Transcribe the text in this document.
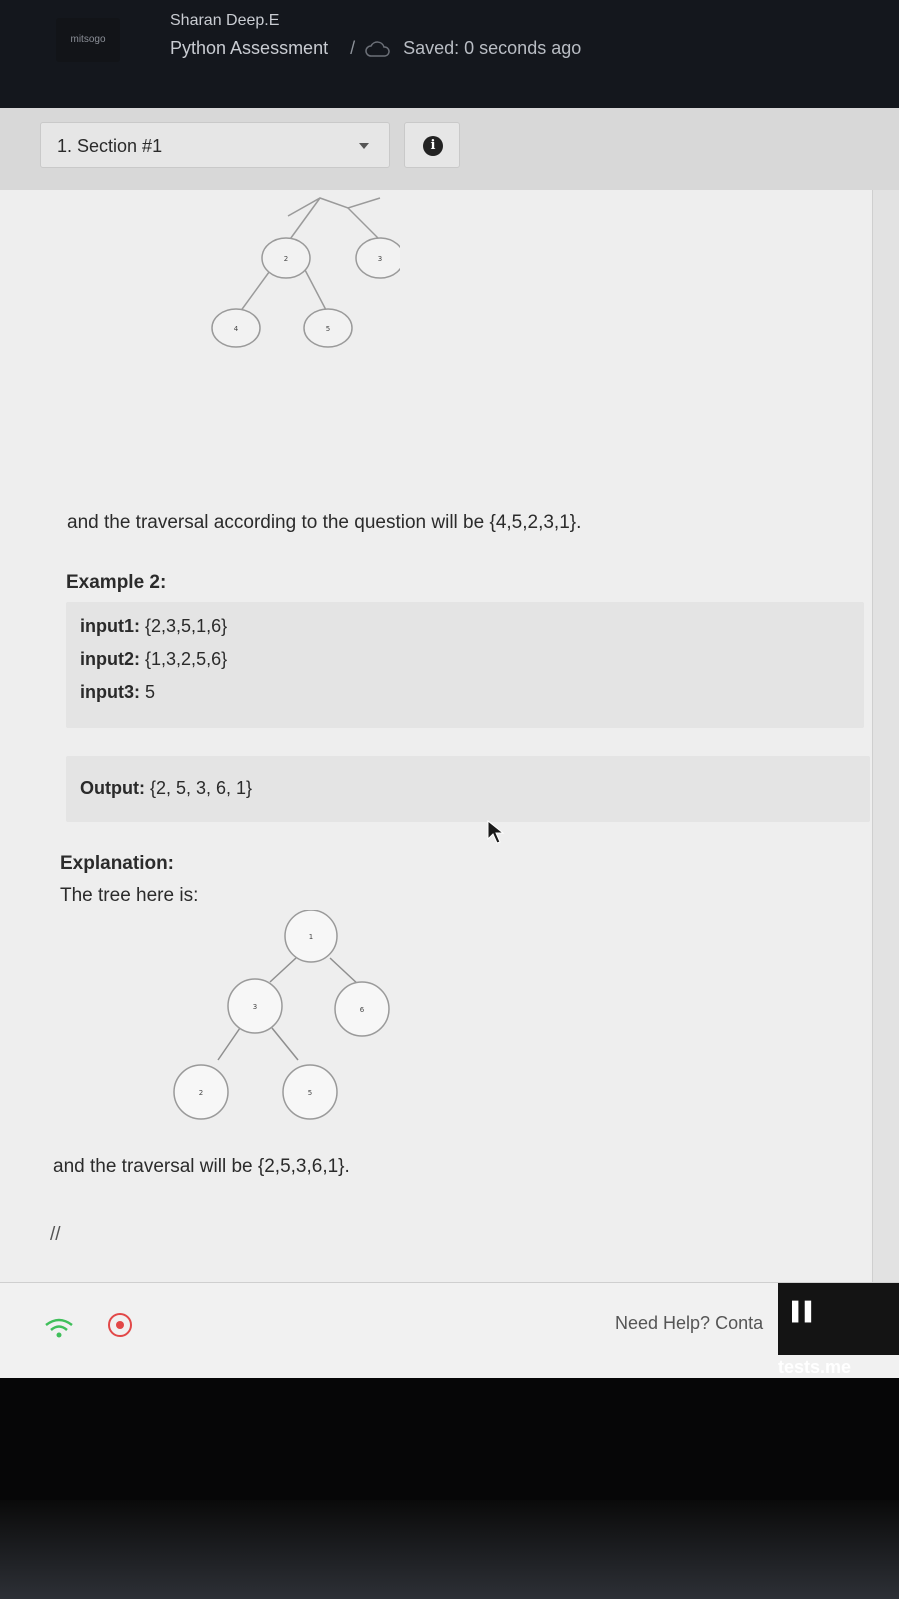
mitsogo
Sharan Deep.E
Python Assessment /	Saved: 0 seconds ago
1. Section #1	i
2	3
4	5
and the traversal according to the question will be {4,5,2,3,1}.
Example 2:
input1: {2,3,5,1,6}
input2: {1,3,2,5,6}
input3: 5
Output: {2, 5, 3, 6, 1}
Explanation:
The tree here is:
1
3	6
2	5
and the traversal will be {2,5,3,6,1}.
//
Need Help? Conta
▌▌tests.me
